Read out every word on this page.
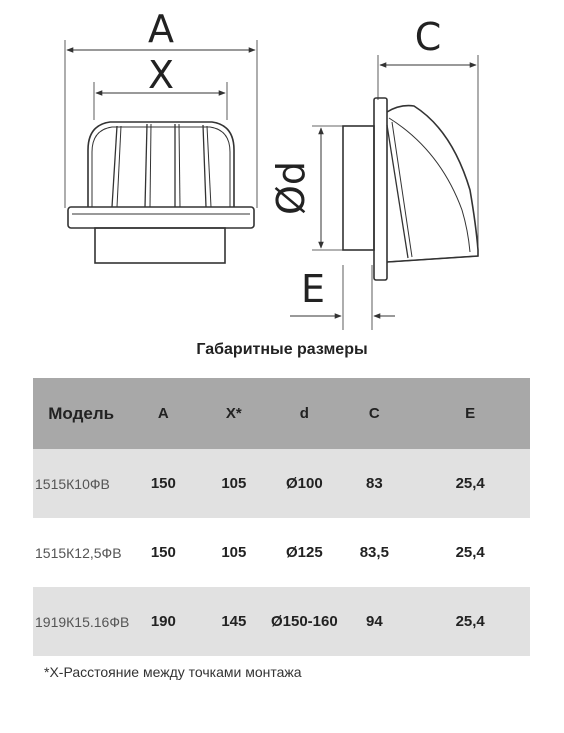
A
X
C
Ød
E
Габаритные размеры
Модель	A	X*	d	C	E
1515К10ФВ	150	105	Ø100	83	25,4
1515К12,5ФВ	150	105	Ø125	83,5	25,4
1919К15.16ФВ	190	145	Ø150-160	94	25,4
*X-Расстояние между точками монтажа
